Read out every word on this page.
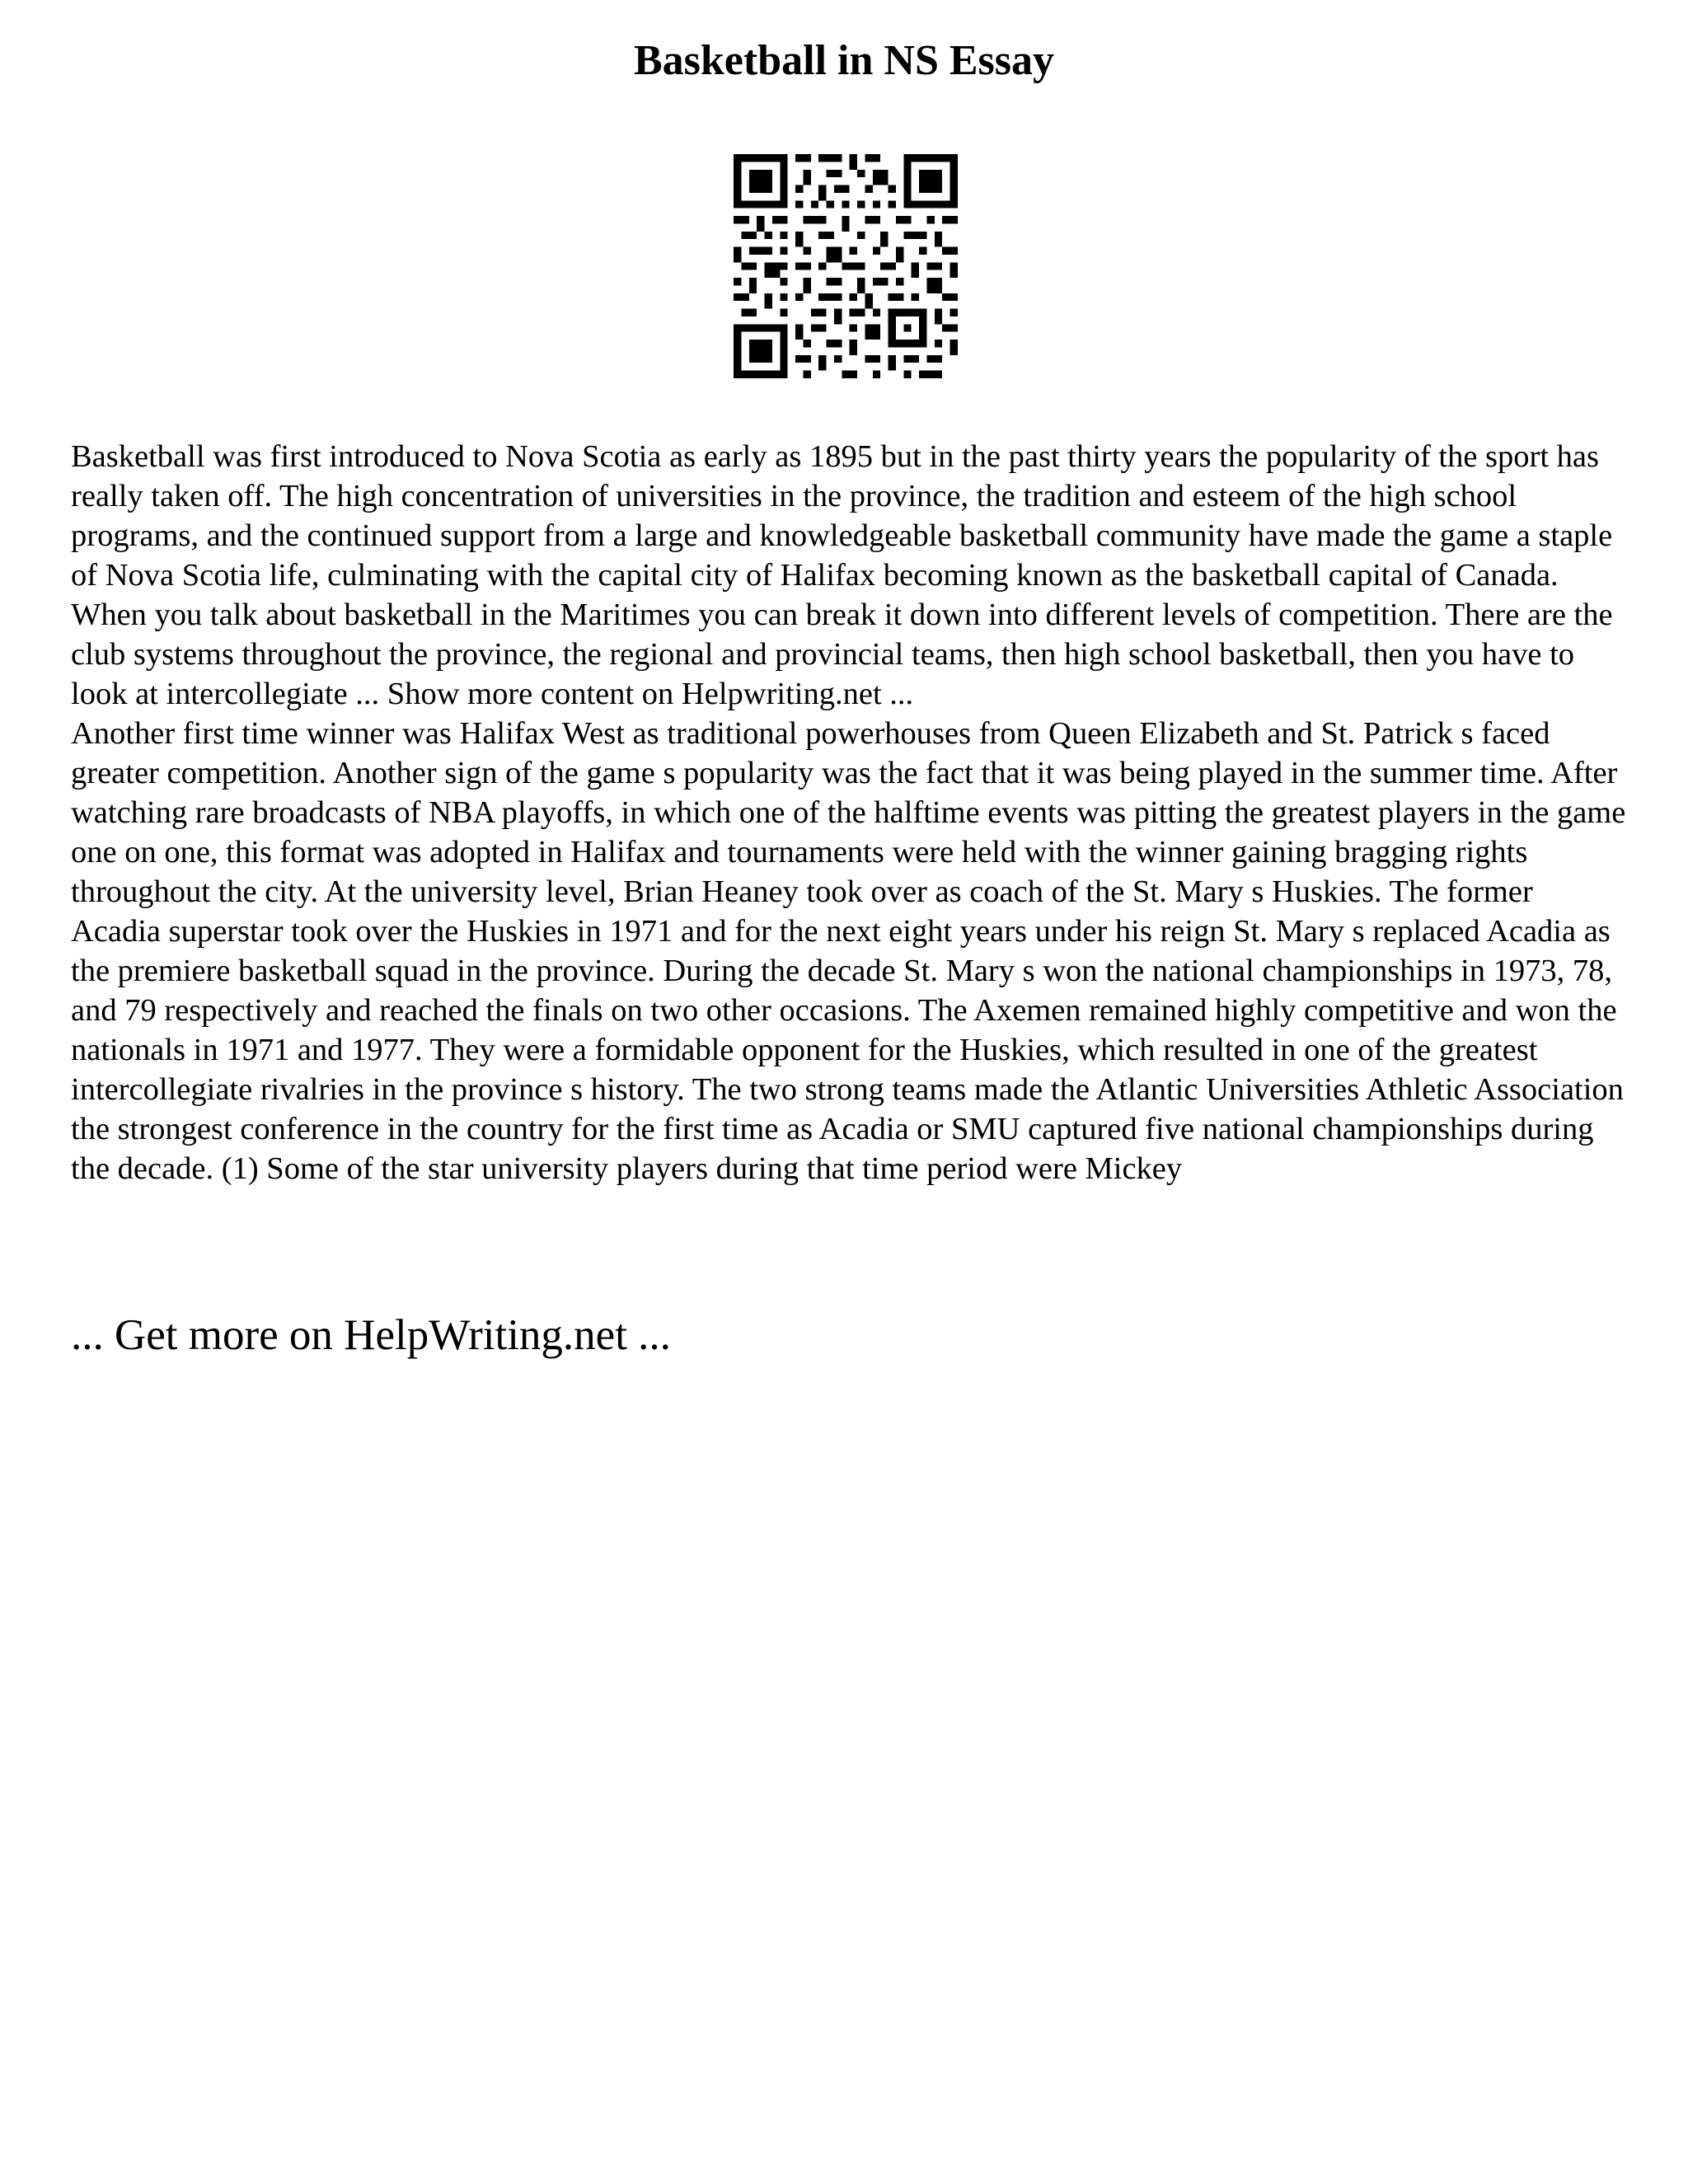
Basketball in NS Essay

Basketball was first introduced to Nova Scotia as early as 1895 but in the past thirty years the popularity of the sport has really taken off. The high concentration of universities in the province, the tradition and esteem of the high school programs, and the continued support from a large and knowledgeable basketball community have made the game a staple of Nova Scotia life, culminating with the capital city of Halifax becoming known as the basketball capital of Canada. When you talk about basketball in the Maritimes you can break it down into different levels of competition. There are the club systems throughout the province, the regional and provincial teams, then high school basketball, then you have to look at intercollegiate ... Show more content on Helpwriting.net ...

Another first time winner was Halifax West as traditional powerhouses from Queen Elizabeth and St. Patrick s faced greater competition. Another sign of the game s popularity was the fact that it was being played in the summer time. After watching rare broadcasts of NBA playoffs, in which one of the halftime events was pitting the greatest players in the game one on one, this format was adopted in Halifax and tournaments were held with the winner gaining bragging rights throughout the city. At the university level, Brian Heaney took over as coach of the St. Mary s Huskies. The former Acadia superstar took over the Huskies in 1971 and for the next eight years under his reign St. Mary s replaced Acadia as the premiere basketball squad in the province. During the decade St. Mary s won the national championships in 1973, 78, and 79 respectively and reached the finals on two other occasions. The Axemen remained highly competitive and won the nationals in 1971 and 1977. They were a formidable opponent for the Huskies, which resulted in one of the greatest intercollegiate rivalries in the province s history. The two strong teams made the Atlantic Universities Athletic Association the strongest conference in the country for the first time as Acadia or SMU captured five national championships during the decade. (1) Some of the star university players during that time period were Mickey

... Get more on HelpWriting.net ...
